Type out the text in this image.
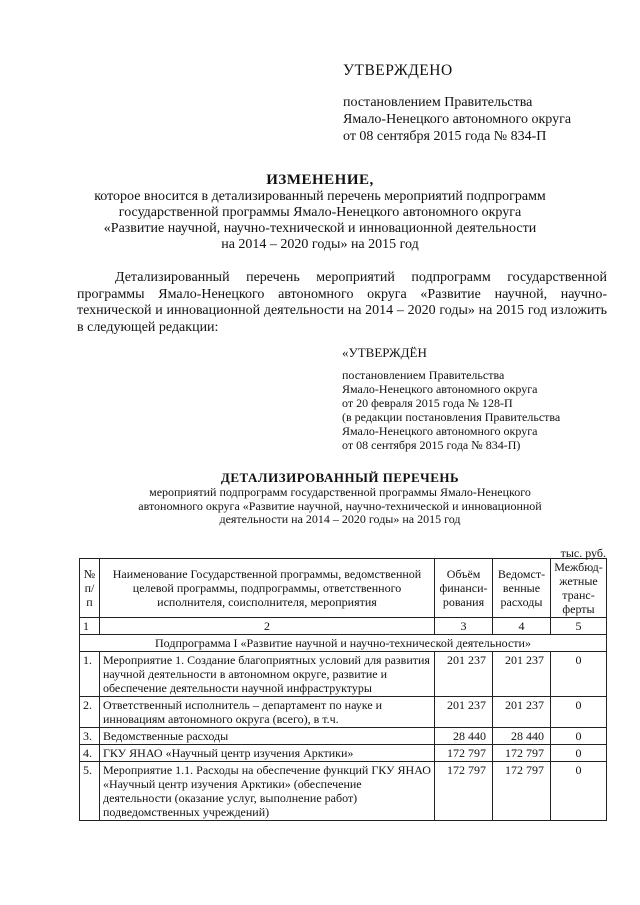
УТВЕРЖДЕНО
постановлением Правительства
Ямало-Ненецкого автономного округа
от 08 сентября 2015 года № 834-П
ИЗМЕНЕНИЕ,
которое вносится в детализированный перечень мероприятий подпрограмм
государственной программы Ямало-Ненецкого автономного округа
«Развитие научной, научно-технической и инновационной деятельности
на 2014 – 2020 годы» на 2015 год
Детализированный перечень мероприятий подпрограмм государственной программы Ямало-Ненецкого автономного округа «Развитие научной, научно-технической и инновационной деятельности на 2014 – 2020 годы» на 2015 год изложить в следующей редакции:
«УТВЕРЖДЁН
постановлением Правительства
Ямало-Ненецкого автономного округа
от 20 февраля 2015 года № 128-П
(в редакции постановления Правительства
Ямало-Ненецкого автономного округа
от 08 сентября 2015 года № 834-П)
ДЕТАЛИЗИРОВАННЫЙ ПЕРЕЧЕНЬ
мероприятий подпрограмм государственной программы Ямало-Ненецкого
автономного округа «Развитие научной, научно-технической и инновационной
деятельности на 2014 – 2020 годы» на 2015 год
тыс. руб.
№ п/п	Наименование Государственной программы, ведомственной целевой программы, подпрограммы, ответственного исполнителя, соисполнителя, мероприятия	Объём финанси-рования	Ведомст-венные расходы	Межбюд-жетные транс-ферты
1	2	3	4	5
Подпрограмма I «Развитие научной и научно-технической деятельности»				
1.	Мероприятие 1. Создание благоприятных условий для развития научной деятельности в автономном округе, развитие и обеспечение деятельности научной инфраструктуры	201 237	201 237	0
2.	Ответственный исполнитель – департамент по науке и инновациям автономного округа (всего), в т.ч.	201 237	201 237	0
3.	Ведомственные расходы	28 440	28 440	0
4.	ГКУ ЯНАО «Научный центр изучения Арктики»	172 797	172 797	0
5.	Мероприятие 1.1. Расходы на обеспечение функций ГКУ ЯНАО «Научный центр изучения Арктики» (обеспечение деятельности (оказание услуг, выполнение работ) подведомственных учреждений)	172 797	172 797	0
